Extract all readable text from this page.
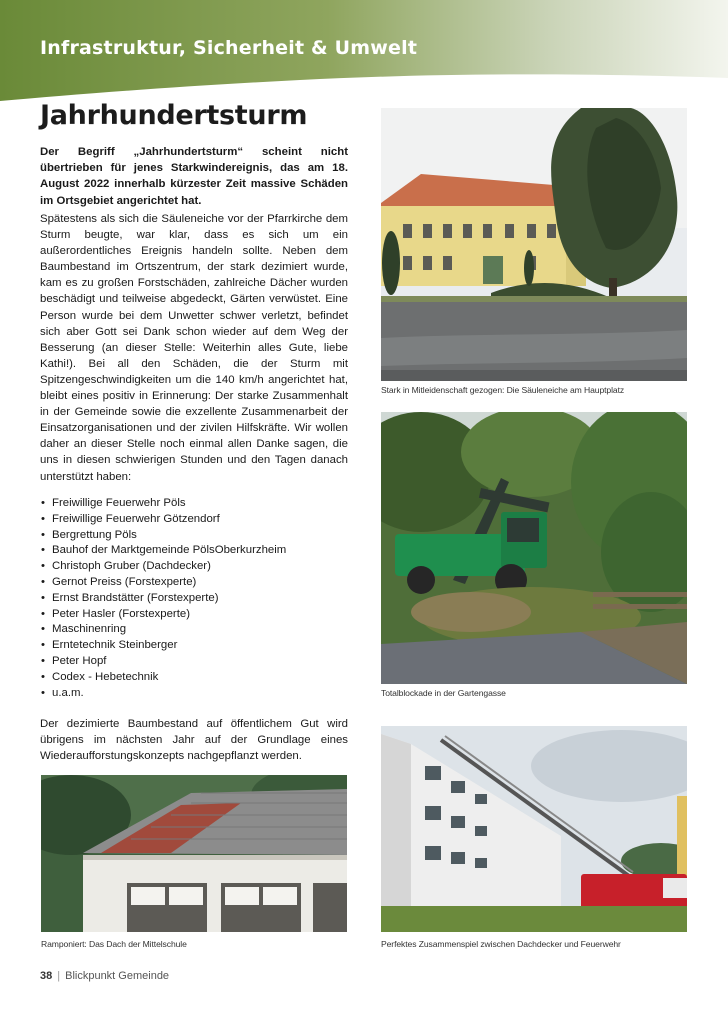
Infrastruktur, Sicherheit & Umwelt
Jahrhundertsturm

Der Begriff „Jahrhundertsturm“ scheint nicht übertrieben für jenes Starkwindereignis, das am 18. August 2022 innerhalb kürzester Zeit massive Schäden im Ortsgebiet angerichtet hat.

Spätestens als sich die Säuleneiche vor der Pfarrkirche dem Sturm beugte, war klar, dass es sich um ein außerordentliches Ereignis handeln sollte. Neben dem Baumbestand im Ortszentrum, der stark dezimiert wurde, kam es zu großen Forstschäden, zahlreiche Dächer wurden beschädigt und teilweise abgedeckt, Gärten verwüstet. Eine Person wurde bei dem Unwetter schwer verletzt, befindet sich aber Gott sei Dank schon wieder auf dem Weg der Besserung (an dieser Stelle: Weiterhin alles Gute, liebe Kathi!). Bei all den Schäden, die der Sturm mit Spitzengeschwindigkeiten um die 140 km/h angerichtet hat, bleibt eines positiv in Erinnerung: Der starke Zusammenhalt in der Gemeinde sowie die exzellente Zusammenarbeit der Einsatzorganisationen und der zivilen Hilfskräfte. Wir wollen daher an dieser Stelle noch einmal allen Danke sagen, die uns in diesen schwierigen Stunden und den Tagen danach unterstützt haben:

• Freiwillige Feuerwehr Pöls
• Freiwillige Feuerwehr Götzendorf
• Bergrettung Pöls
• Bauhof der Marktgemeinde PölsOberkurzheim
• Christoph Gruber (Dachdecker)
• Gernot Preiss (Forstexperte)
• Ernst Brandstätter (Forstexperte)
• Peter Hasler (Forstexperte)
• Maschinenring
• Erntetechnik Steinberger
• Peter Hopf
• Codex - Hebetechnik
• u.a.m.

Der dezimierte Baumbestand auf öffentlichem Gut wird übrigens im nächsten Jahr auf der Grundlage eines Wiederaufforstungskonzepts nachgepflanzt werden.

Stark in Mitleidenschaft gezogen: Die Säuleneiche am Hauptplatz
Totalblockade in der Gartengasse
Ramponiert: Das Dach der Mittelschule	Perfektes Zusammenspiel zwischen Dachdecker und Feuerwehr
38 | Blickpunkt Gemeinde
